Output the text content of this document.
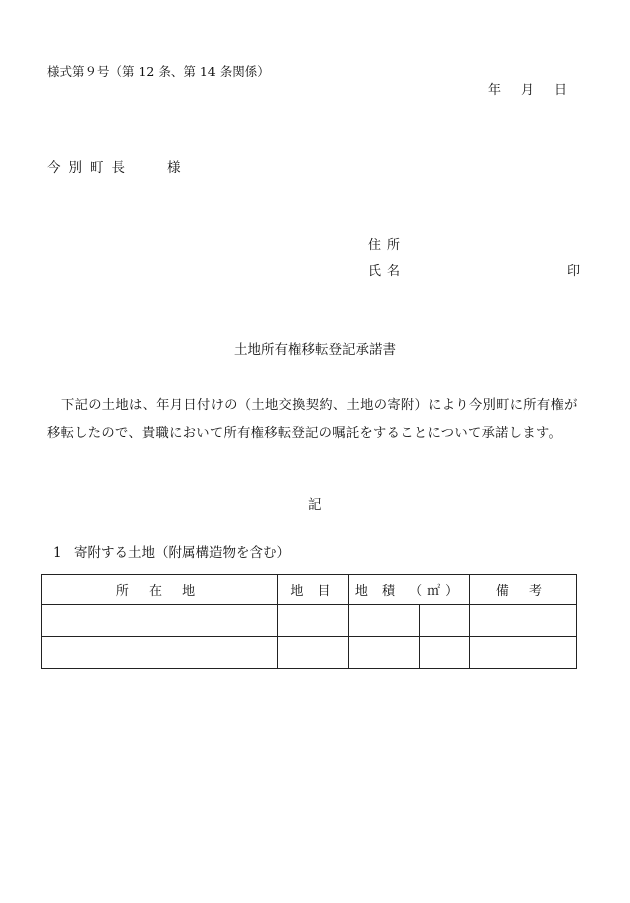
様式第９号（第 12 条、第 14 条関係）
年 月 日
今別町長	様
住所
氏名	印
土地所有権移転登記承諾書
下記の土地は、年月日付けの（土地交換契約、土地の寄附）により今別町に所有権が移転したので、貴職において所有権移転登記の嘱託をすることについて承諾します。
記
1 寄附する土地（附属構造物を含む）
所 在 地	地 目	地 積 （㎡）		備 考
